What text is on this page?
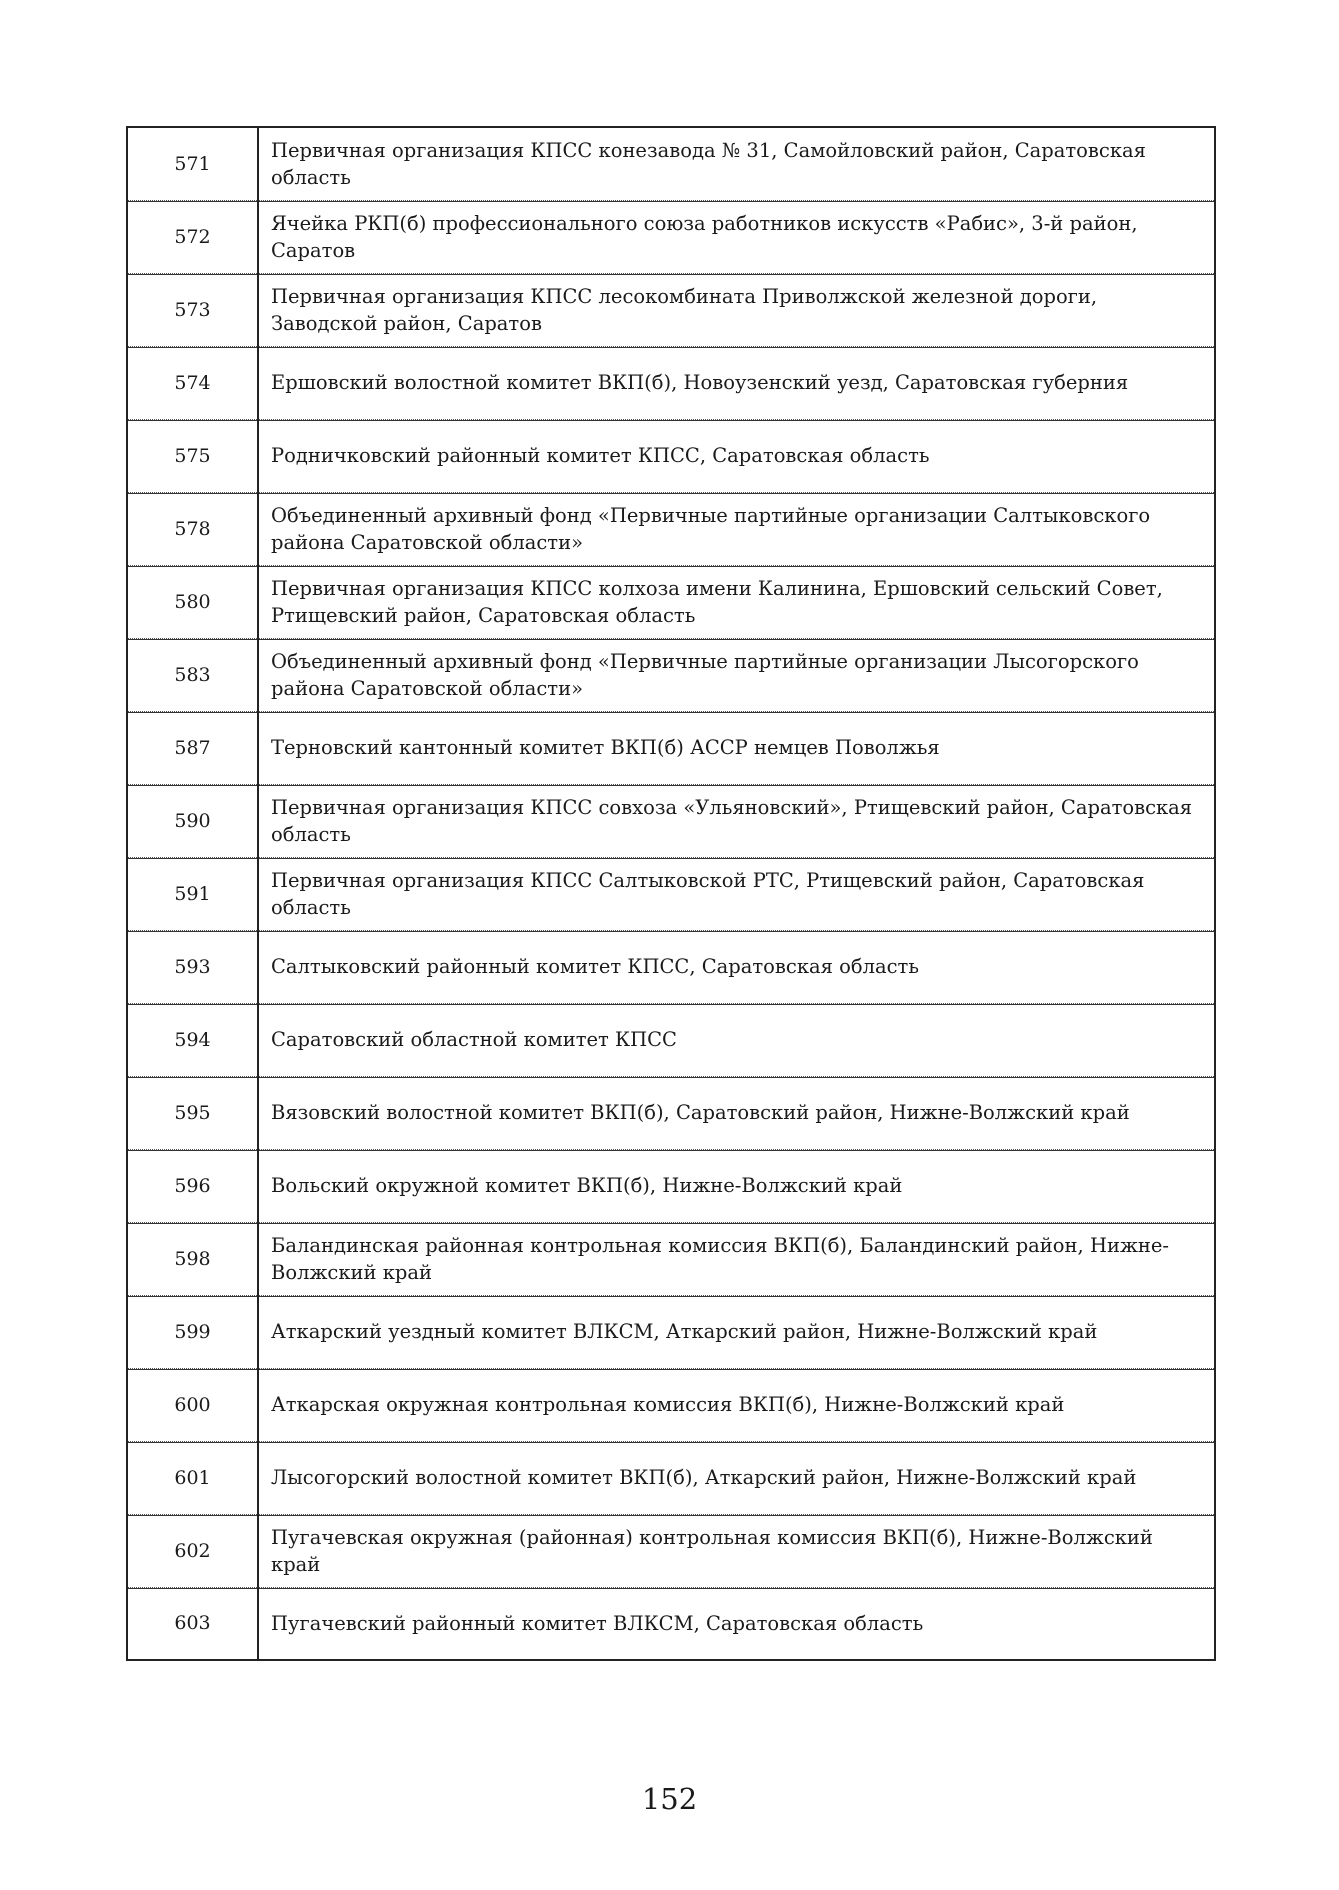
571	Первичная организация КПСС конезавода № 31, Самойловский район, Саратовская область
572	Ячейка РКП(б) профессионального союза работников искусств «Рабис», 3-й район, Саратов
573	Первичная организация КПСС лесокомбината Приволжской железной дороги, Заводской район, Саратов
574	Ершовский волостной комитет ВКП(б), Новоузенский уезд, Саратовская губерния
575	Родничковский районный комитет КПСС, Саратовская область
578	Объединенный архивный фонд «Первичные партийные организации Салтыковского района Саратовской области»
580	Первичная организация КПСС колхоза имени Калинина, Ершовский сельский Совет, Ртищевский район, Саратовская область
583	Объединенный архивный фонд «Первичные партийные организации Лысогорского района Саратовской области»
587	Терновский кантонный комитет ВКП(б) АССР немцев Поволжья
590	Первичная организация КПСС совхоза «Ульяновский», Ртищевский район, Саратовская область
591	Первичная организация КПСС Салтыковской РТС, Ртищевский район, Саратовская область
593	Салтыковский районный комитет КПСС, Саратовская область
594	Саратовский областной комитет КПСС
595	Вязовский волостной комитет ВКП(б), Саратовский район, Нижне-Волжский край
596	Вольский окружной комитет ВКП(б), Нижне-Волжский край
598	Баландинская районная контрольная комиссия ВКП(б), Баландинский район, Нижне-Волжский край
599	Аткарский уездный комитет ВЛКСМ, Аткарский район, Нижне-Волжский край
600	Аткарская окружная контрольная комиссия ВКП(б), Нижне-Волжский край
601	Лысогорский волостной комитет ВКП(б), Аткарский район, Нижне-Волжский край
602	Пугачевская окружная (районная) контрольная комиссия ВКП(б), Нижне-Волжский край
603	Пугачевский районный комитет ВЛКСМ, Саратовская область
152
